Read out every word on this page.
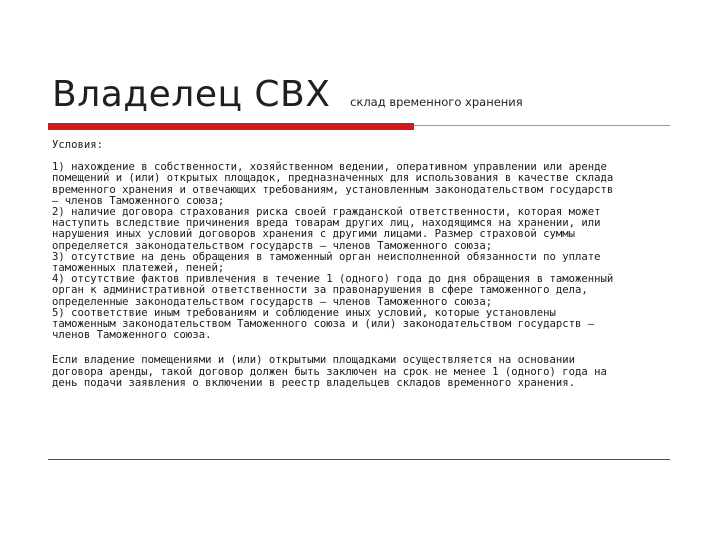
Владелец СВХ склад временного хранения

Условия:

1) нахождение в собственности, хозяйственном ведении, оперативном управлении или аренде
помещений и (или) открытых площадок, предназначенных для использования в качестве склада
временного хранения и отвечающих требованиям, установленным законодательством государств
– членов Таможенного союза;

2) наличие договора страхования риска своей гражданской ответственности, которая может
наступить вследствие причинения вреда товарам других лиц, находящимся на хранении, или
нарушения иных условий договоров хранения с другими лицами. Размер страховой суммы
определяется законодательством государств – членов Таможенного союза;

3) отсутствие на день обращения в таможенный орган неисполненной обязанности по уплате
таможенных платежей, пеней;

4) отсутствие фактов привлечения в течение 1 (одного) года до дня обращения в таможенный
орган к административной ответственности за правонарушения в сфере таможенного дела,
определенные законодательством государств – членов Таможенного союза;

5) соответствие иным требованиям и соблюдение иных условий, которые установлены
таможенным законодательством Таможенного союза и (или) законодательством государств –
членов Таможенного союза.

Если владение помещениями и (или) открытыми площадками осуществляется на основании
договора аренды, такой договор должен быть заключен на срок не менее 1 (одного) года на
день подачи заявления о включении в реестр владельцев складов временного хранения.
